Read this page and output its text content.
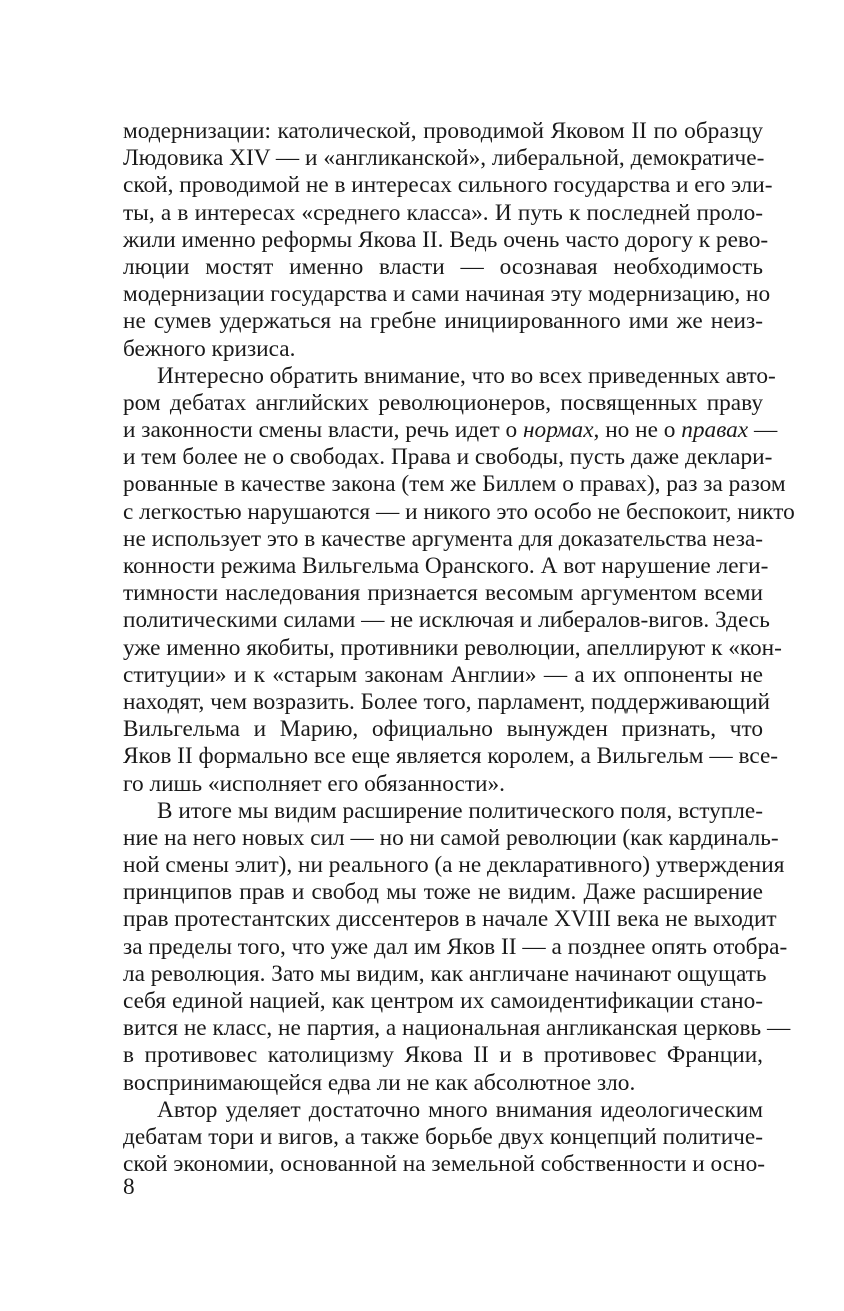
модернизации: католической, проводимой Яковом II по образцу
Людовика XIV — и «англиканской», либеральной, демократиче-
ской, проводимой не в интересах сильного государства и его эли-
ты, а в интересах «среднего класса». И путь к последней проло-
жили именно реформы Якова II. Ведь очень часто дорогу к рево-
люции мостят именно власти — осознавая необходимость
модернизации государства и сами начиная эту модернизацию, но
не сумев удержаться на гребне инициированного ими же неиз-
бежного кризиса.
Интересно обратить внимание, что во всех приведенных авто-
ром дебатах английских революционеров, посвященных праву
и законности смены власти, речь идет о нормах, но не о правах —
и тем более не о свободах. Права и свободы, пусть даже деклари-
рованные в качестве закона (тем же Биллем о правах), раз за разом
с легкостью нарушаются — и никого это особо не беспокоит, никто
не использует это в качестве аргумента для доказательства неза-
конности режима Вильгельма Оранского. А вот нарушение леги-
тимности наследования признается весомым аргументом всеми
политическими силами — не исключая и либералов-вигов. Здесь
уже именно якобиты, противники революции, апеллируют к «кон-
ституции» и к «старым законам Англии» — а их оппоненты не
находят, чем возразить. Более того, парламент, поддерживающий
Вильгельма и Марию, официально вынужден признать, что
Яков II формально все еще является королем, а Вильгельм — все-
го лишь «исполняет его обязанности».
В итоге мы видим расширение политического поля, вступле-
ние на него новых сил — но ни самой революции (как кардиналь-
ной смены элит), ни реального (а не декларативного) утверждения
принципов прав и свобод мы тоже не видим. Даже расширение
прав протестантских диссентеров в начале XVIII века не выходит
за пределы того, что уже дал им Яков II — а позднее опять отобра-
ла революция. Зато мы видим, как англичане начинают ощущать
себя единой нацией, как центром их самоидентификации стано-
вится не класс, не партия, а национальная англиканская церковь —
в противовес католицизму Якова II и в противовес Франции,
воспринимающейся едва ли не как абсолютное зло.
Автор уделяет достаточно много внимания идеологическим
дебатам тори и вигов, а также борьбе двух концепций политиче-
ской экономии, основанной на земельной собственности и осно-
8
